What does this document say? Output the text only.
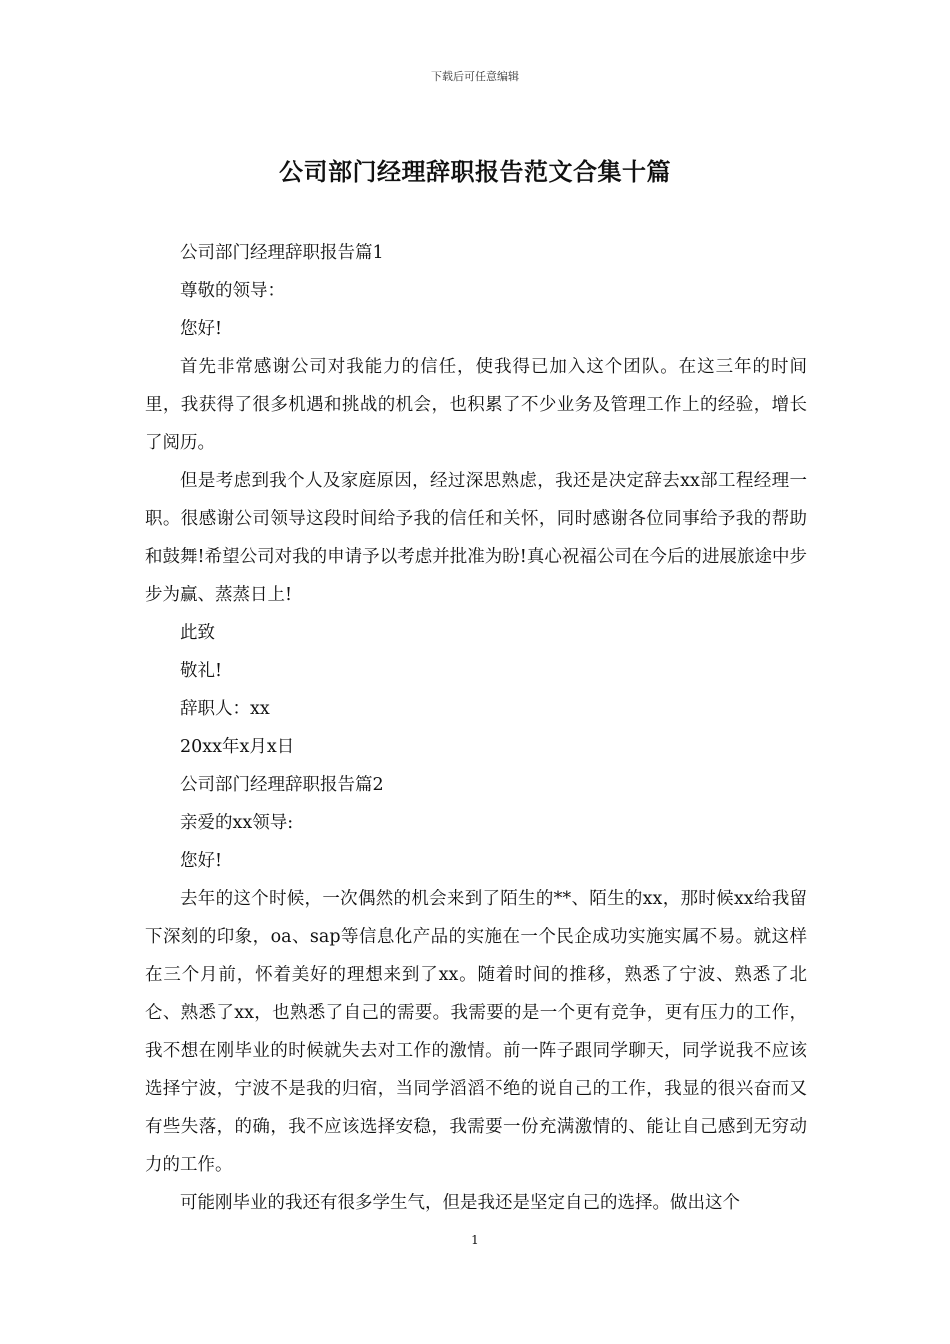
下载后可任意编辑
公司部门经理辞职报告范文合集十篇

公司部门经理辞职报告篇1

尊敬的领导：

您好!

首先非常感谢公司对我能力的信任，使我得已加入这个团队。在这三年的时间里，我获得了很多机遇和挑战的机会，也积累了不少业务及管理工作上的经验，增长了阅历。

但是考虑到我个人及家庭原因，经过深思熟虑，我还是决定辞去xx部工程经理一职。很感谢公司领导这段时间给予我的信任和关怀，同时感谢各位同事给予我的帮助和鼓舞!希望公司对我的申请予以考虑并批准为盼!真心祝福公司在今后的进展旅途中步步为赢、蒸蒸日上!

此致

敬礼!

辞职人：xx

20xx年x月x日

公司部门经理辞职报告篇2

亲爱的xx领导:

您好!

去年的这个时候，一次偶然的机会来到了陌生的**、陌生的xx，那时候xx给我留下深刻的印象，oa、sap等信息化产品的实施在一个民企成功实施实属不易。就这样在三个月前，怀着美好的理想来到了xx。随着时间的推移，熟悉了宁波、熟悉了北仑、熟悉了xx，也熟悉了自己的需要。我需要的是一个更有竞争，更有压力的工作，我不想在刚毕业的时候就失去对工作的激情。前一阵子跟同学聊天，同学说我不应该选择宁波，宁波不是我的归宿，当同学滔滔不绝的说自己的工作，我显的很兴奋而又有些失落，的确，我不应该选择安稳，我需要一份充满激情的、能让自己感到无穷动力的工作。

可能刚毕业的我还有很多学生气，但是我还是坚定自己的选择。做出这个

1
